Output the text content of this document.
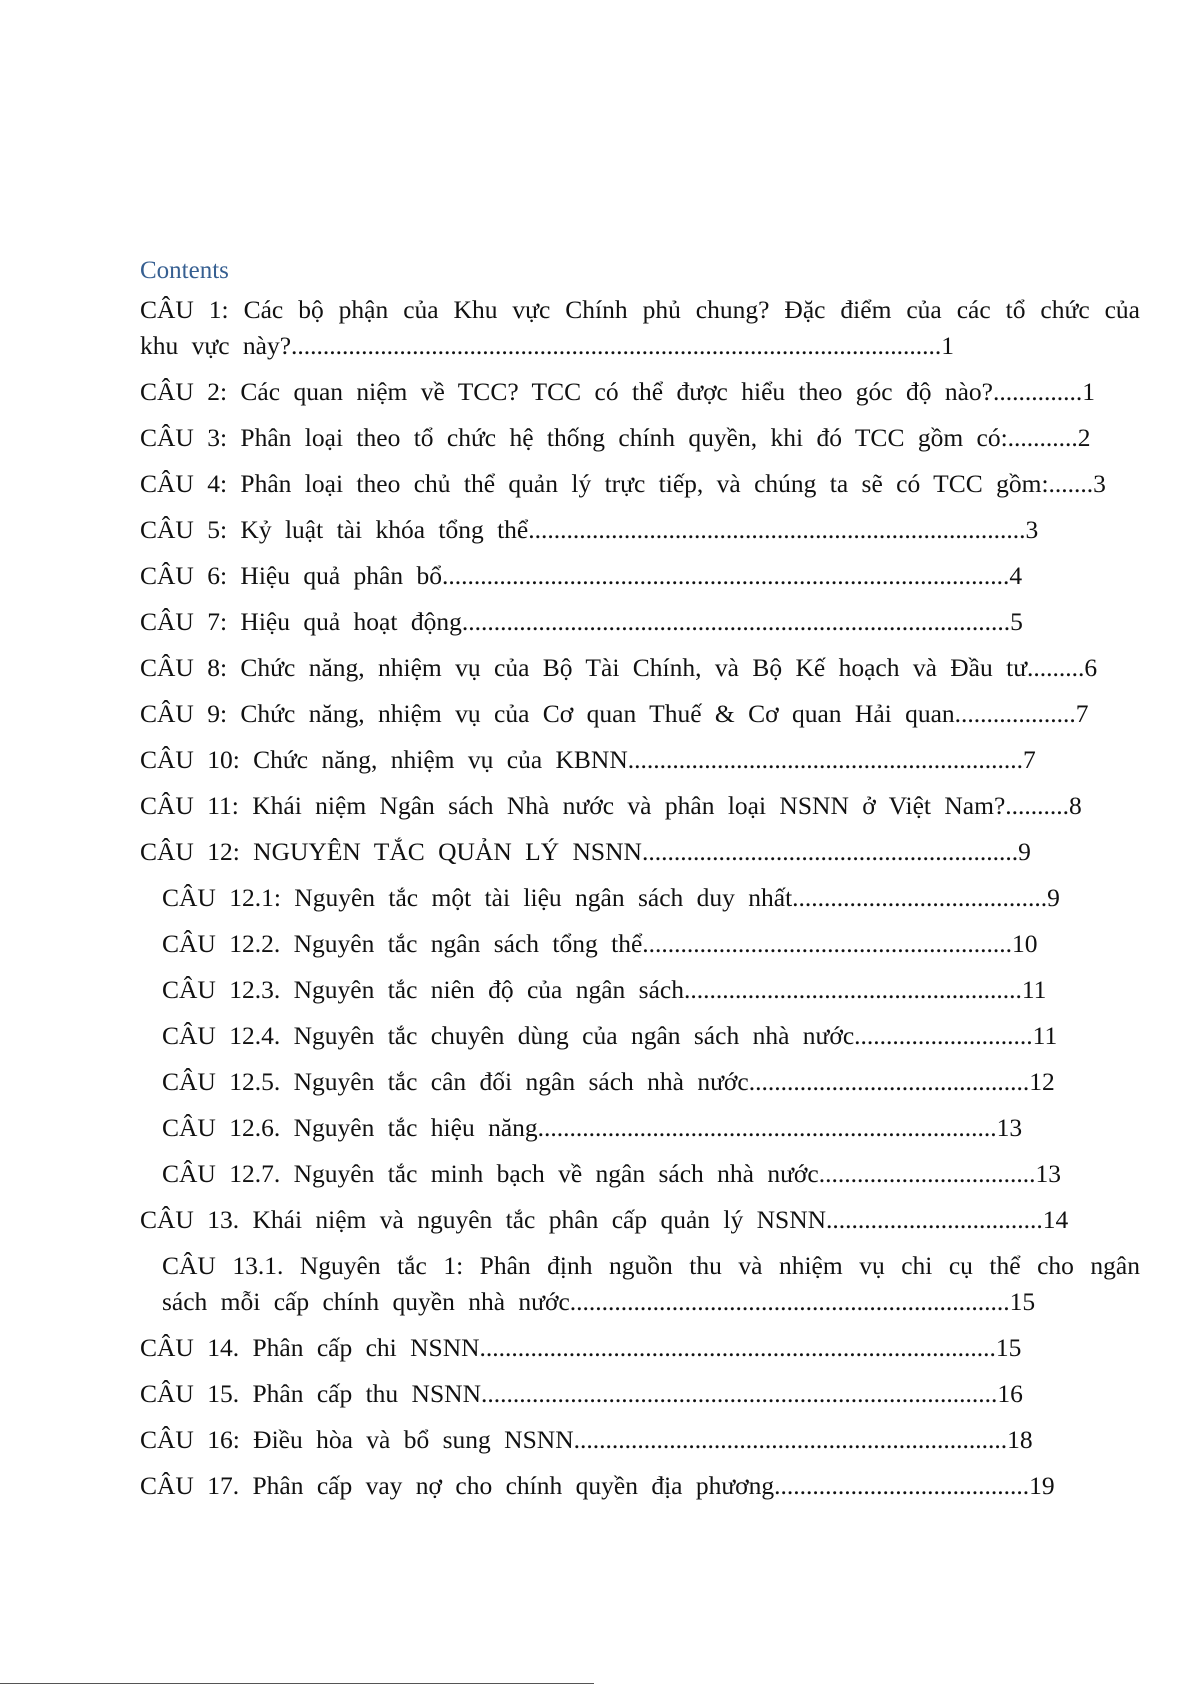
Contents
CÂU 1: Các bộ phận của Khu vực Chính phủ chung? Đặc điểm của các tổ chức của khu vực này?......................................................................................................1
CÂU 2: Các quan niệm về TCC? TCC có thể được hiểu theo góc độ nào?..............1
CÂU 3: Phân loại theo tổ chức hệ thống chính quyền, khi đó TCC gồm có:...........2
CÂU 4: Phân loại theo chủ thể quản lý trực tiếp, và chúng ta sẽ có TCC gồm:.......3
CÂU 5: Kỷ luật tài khóa tổng thể..............................................................................3
CÂU 6: Hiệu quả phân bổ.........................................................................................4
CÂU 7: Hiệu quả hoạt động......................................................................................5
CÂU 8: Chức năng, nhiệm vụ của Bộ Tài Chính, và Bộ Kế hoạch và Đầu tư.........6
CÂU 9: Chức năng, nhiệm vụ của Cơ quan Thuế & Cơ quan Hải quan...................7
CÂU 10: Chức năng, nhiệm vụ của KBNN..............................................................7
CÂU 11: Khái niệm Ngân sách Nhà nước và phân loại NSNN ở Việt Nam?..........8
CÂU 12: NGUYÊN TẮC QUẢN LÝ NSNN...........................................................9
CÂU 12.1: Nguyên tắc một tài liệu ngân sách duy nhất........................................9
CÂU 12.2. Nguyên tắc ngân sách tổng thể..........................................................10
CÂU 12.3. Nguyên tắc niên độ của ngân sách.....................................................11
CÂU 12.4. Nguyên tắc chuyên dùng của ngân sách nhà nước............................11
CÂU 12.5. Nguyên tắc cân đối ngân sách nhà nước............................................12
CÂU 12.6. Nguyên tắc hiệu năng........................................................................13
CÂU 12.7. Nguyên tắc minh bạch về ngân sách nhà nước..................................13
CÂU 13. Khái niệm và nguyên tắc phân cấp quản lý NSNN..................................14
CÂU 13.1. Nguyên tắc 1: Phân định nguồn thu và nhiệm vụ chi cụ thể cho ngân sách mỗi cấp chính quyền nhà nước.....................................................................15
CÂU 14. Phân cấp chi NSNN.................................................................................15
CÂU 15. Phân cấp thu NSNN.................................................................................16
CÂU 16: Điều hòa và bổ sung NSNN....................................................................18
CÂU 17. Phân cấp vay nợ cho chính quyền địa phương........................................19
